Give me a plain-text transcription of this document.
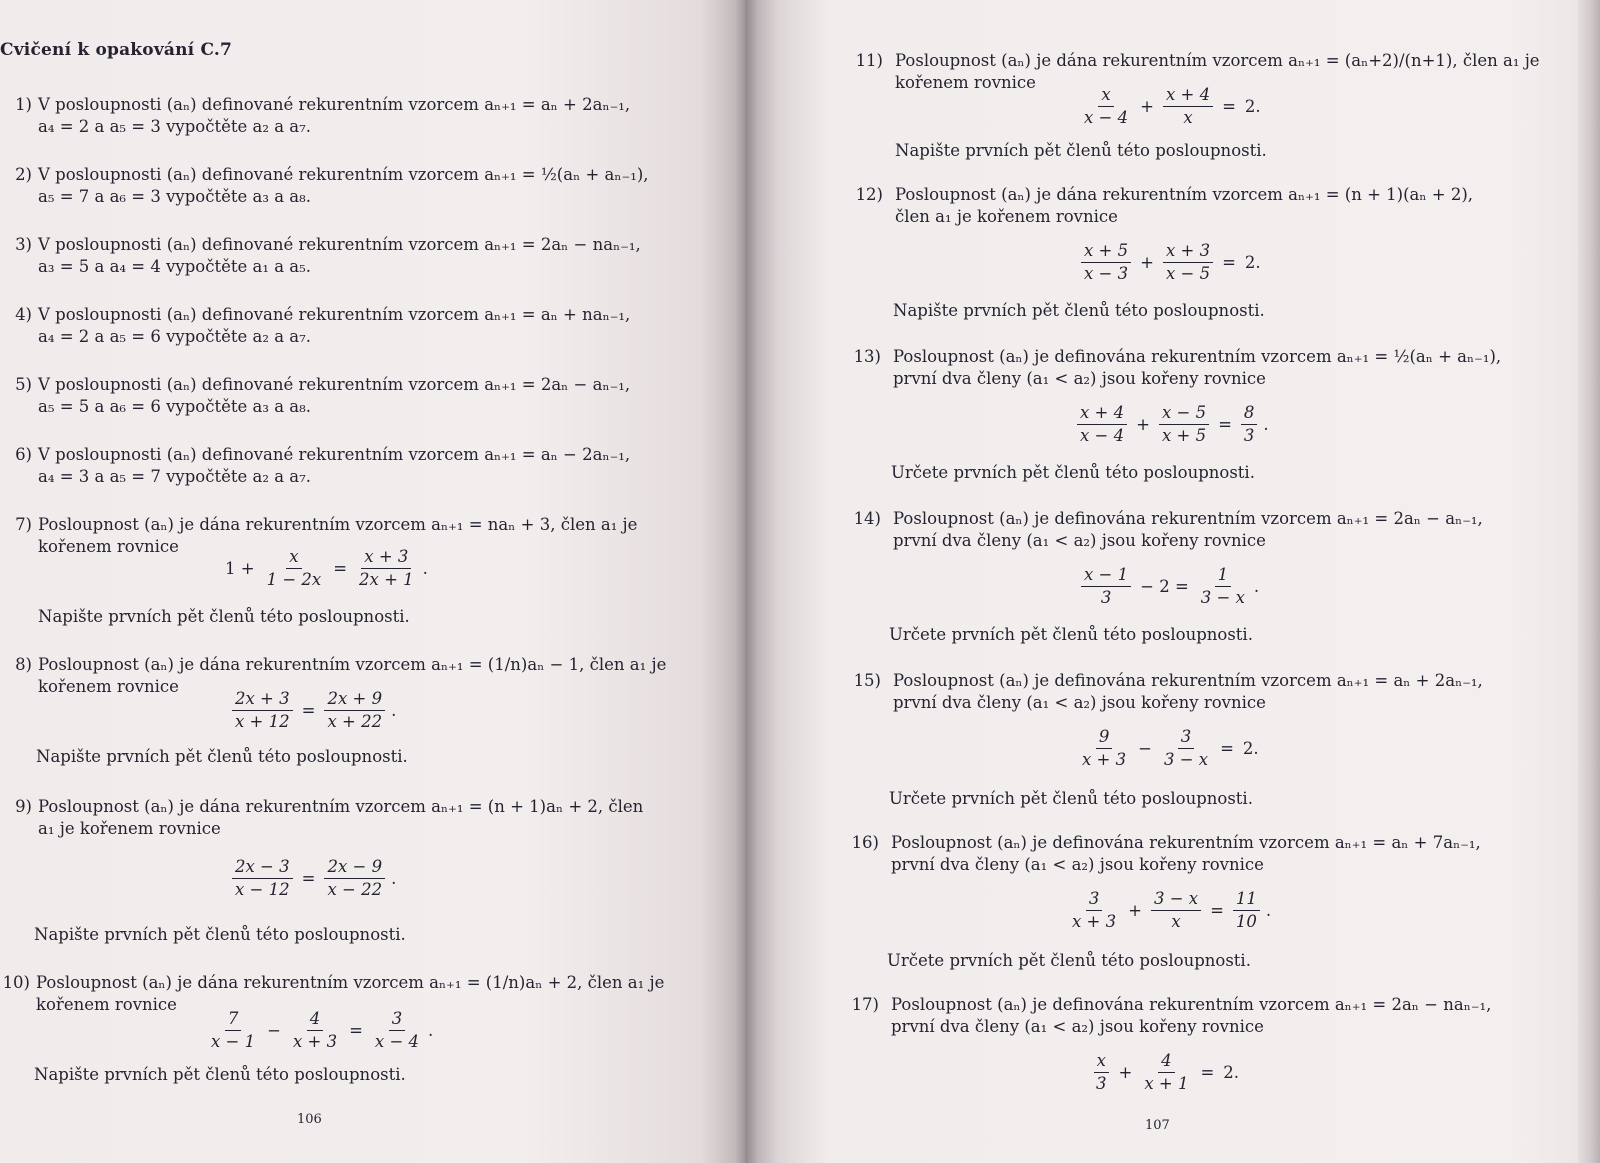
Cvičení k opakování C.7
1) V posloupnosti (aₙ) definované rekurentním vzorcem aₙ₊₁ = aₙ + 2aₙ₋₁,
a₄ = 2 a a₅ = 3 vypočtěte a₂ a a₇.
2) V posloupnosti (aₙ) definované rekurentním vzorcem aₙ₊₁ = ½(aₙ + aₙ₋₁),
a₅ = 7 a a₆ = 3 vypočtěte a₃ a a₈.
3) V posloupnosti (aₙ) definované rekurentním vzorcem aₙ₊₁ = 2aₙ − naₙ₋₁,
a₃ = 5 a a₄ = 4 vypočtěte a₁ a a₅.
4) V posloupnosti (aₙ) definované rekurentním vzorcem aₙ₊₁ = aₙ + naₙ₋₁,
a₄ = 2 a a₅ = 6 vypočtěte a₂ a a₇.
5) V posloupnosti (aₙ) definované rekurentním vzorcem aₙ₊₁ = 2aₙ − aₙ₋₁,
a₅ = 5 a a₆ = 6 vypočtěte a₃ a a₈.
6) V posloupnosti (aₙ) definované rekurentním vzorcem aₙ₊₁ = aₙ − 2aₙ₋₁,
a₄ = 3 a a₅ = 7 vypočtěte a₂ a a₇.
7) Posloupnost (aₙ) je dána rekurentním vzorcem aₙ₊₁ = naₙ + 3, člen a₁ je
kořenem rovnice
$1 + \frac{x}{1 - 2x} = \frac{x + 3}{2x + 1}$ .
Napište prvních pět členů této posloupnosti.
8) Posloupnost (aₙ) je dána rekurentním vzorcem aₙ₊₁ = (1/n)aₙ − 1, člen a₁ je
kořenem rovnice
$\frac{2x + 3}{x + 12} = \frac{2x + 9}{x + 22}$ .
Napište prvních pět členů této posloupnosti.
9) Posloupnost (aₙ) je dána rekurentním vzorcem aₙ₊₁ = (n + 1)aₙ + 2, člen
a₁ je kořenem rovnice
$\frac{2x - 3}{x - 12} = \frac{2x - 9}{x - 22}$ .
Napište prvních pět členů této posloupnosti.
10) Posloupnost (aₙ) je dána rekurentním vzorcem aₙ₊₁ = (1/n)aₙ + 2, člen a₁ je
kořenem rovnice
$\frac{7}{x - 1} - \frac{4}{x + 3} = \frac{3}{x - 4}$ .
Napište prvních pět členů této posloupnosti.
106
11) Posloupnost (aₙ) je dána rekurentním vzorcem aₙ₊₁ = (aₙ+2)/(n+1), člen a₁ je
kořenem rovnice
$\frac{x}{x - 4} + \frac{x + 4}{x} = 2$.
Napište prvních pět členů této posloupnosti.
12) Posloupnost (aₙ) je dána rekurentním vzorcem aₙ₊₁ = (n + 1)(aₙ + 2),
člen a₁ je kořenem rovnice
$\frac{x + 5}{x - 3} + \frac{x + 3}{x - 5} = 2$.
Napište prvních pět členů této posloupnosti.
13) Posloupnost (aₙ) je definována rekurentním vzorcem aₙ₊₁ = ½(aₙ + aₙ₋₁),
první dva členy (a₁ < a₂) jsou kořeny rovnice
$\frac{x + 4}{x - 4} + \frac{x - 5}{x + 5} = \frac{8}{3}$ .
Určete prvních pět členů této posloupnosti.
14) Posloupnost (aₙ) je definována rekurentním vzorcem aₙ₊₁ = 2aₙ − aₙ₋₁,
první dva členy (a₁ < a₂) jsou kořeny rovnice
$\frac{x - 1}{3} - 2 = \frac{1}{3 - x}$ .
Určete prvních pět členů této posloupnosti.
15) Posloupnost (aₙ) je definována rekurentním vzorcem aₙ₊₁ = aₙ + 2aₙ₋₁,
první dva členy (a₁ < a₂) jsou kořeny rovnice
$\frac{9}{x + 3} - \frac{3}{3 - x} = 2$.
Určete prvních pět členů této posloupnosti.
16) Posloupnost (aₙ) je definována rekurentním vzorcem aₙ₊₁ = aₙ + 7aₙ₋₁,
první dva členy (a₁ < a₂) jsou kořeny rovnice
$\frac{3}{x + 3} + \frac{3 - x}{x} = \frac{11}{10}$ .
Určete prvních pět členů této posloupnosti.
17) Posloupnost (aₙ) je definována rekurentním vzorcem aₙ₊₁ = 2aₙ − naₙ₋₁,
první dva členy (a₁ < a₂) jsou kořeny rovnice
$\frac{x}{3} + \frac{4}{x + 1} = 2$.
107
